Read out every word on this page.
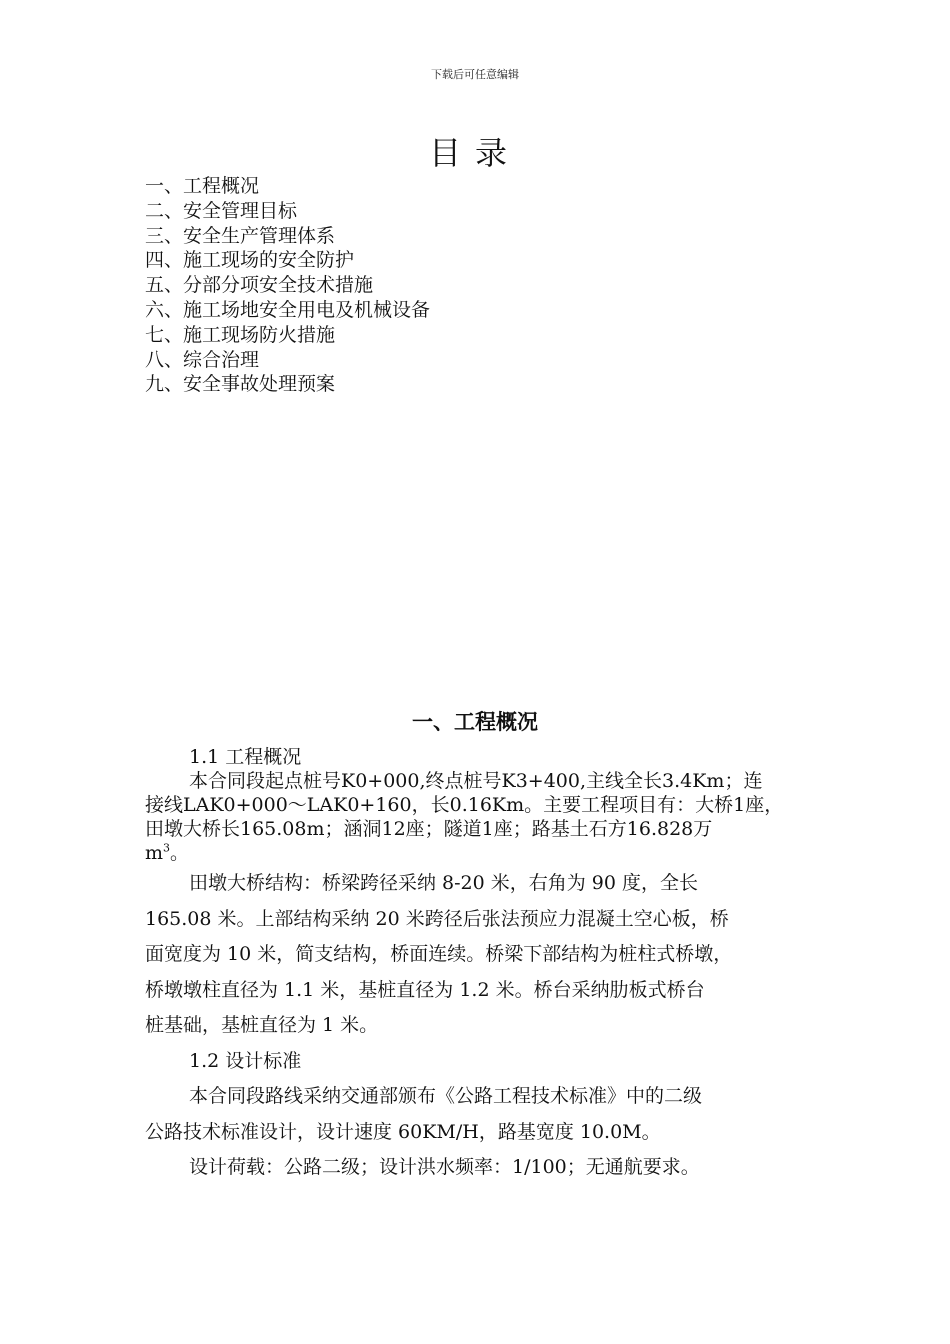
下载后可任意编辑
目录
一、工程概况
二、安全管理目标
三、安全生产管理体系
四、施工现场的安全防护
五、分部分项安全技术措施
六、施工场地安全用电及机械设备
七、施工现场防火措施
八、综合治理
九、安全事故处理预案
一、工程概况
1.1 工程概况
本合同段起点桩号K0+000,终点桩号K3+400,主线全长3.4Km；连
接线LAK0+000～LAK0+160，长0.16Km。主要工程项目有：大桥1座，
田墩大桥长165.08m；涵洞12座；隧道1座；路基土石方16.828万
$m^3$。
田墩大桥结构：桥梁跨径采纳 8-20 米，右角为 90 度，全长
165.08 米。上部结构采纳 20 米跨径后张法预应力混凝土空心板，桥
面宽度为 10 米，简支结构，桥面连续。桥梁下部结构为桩柱式桥墩，
桥墩墩柱直径为 1.1 米，基桩直径为 1.2 米。桥台采纳肋板式桥台
桩基础，基桩直径为 1 米。
1.2 设计标准
本合同段路线采纳交通部颁布《公路工程技术标准》中的二级
公路技术标准设计，设计速度 60KM/H，路基宽度 10.0M。
设计荷载：公路二级；设计洪水频率：1/100；无通航要求。
